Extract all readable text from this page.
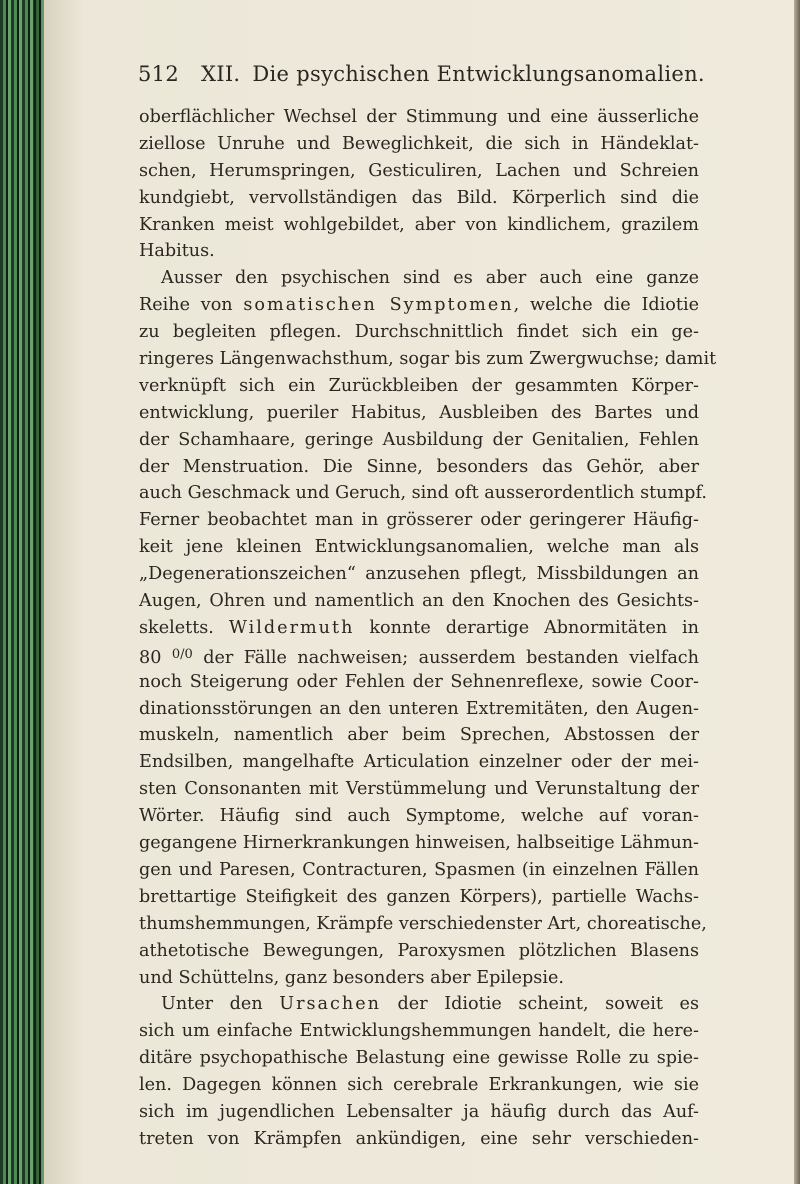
512 XII. Die psychischen Entwicklungsanomalien.
oberflächlicher Wechsel der Stimmung und eine äusserliche
ziellose Unruhe und Beweglichkeit, die sich in Händeklat-
schen, Herumspringen, Gesticuliren, Lachen und Schreien
kundgiebt, vervollständigen das Bild. Körperlich sind die
Kranken meist wohlgebildet, aber von kindlichem, grazilem
Habitus.
Ausser den psychischen sind es aber auch eine ganze
Reihe von somatischen Symptomen, welche die Idiotie
zu begleiten pflegen. Durchschnittlich findet sich ein ge-
ringeres Längenwachsthum, sogar bis zum Zwergwuchse; damit
verknüpft sich ein Zurückbleiben der gesammten Körper-
entwicklung, pueriler Habitus, Ausbleiben des Bartes und
der Schamhaare, geringe Ausbildung der Genitalien, Fehlen
der Menstruation. Die Sinne, besonders das Gehör, aber
auch Geschmack und Geruch, sind oft ausserordentlich stumpf.
Ferner beobachtet man in grösserer oder geringerer Häufig-
keit jene kleinen Entwicklungsanomalien, welche man als
„Degenerationszeichen“ anzusehen pflegt, Missbildungen an
Augen, Ohren und namentlich an den Knochen des Gesichts-
skeletts. Wildermuth konnte derartige Abnormitäten in
80 $^{0/0}$ der Fälle nachweisen; ausserdem bestanden vielfach
noch Steigerung oder Fehlen der Sehnenreflexe, sowie Coor-
dinationsstörungen an den unteren Extremitäten, den Augen-
muskeln, namentlich aber beim Sprechen, Abstossen der
Endsilben, mangelhafte Articulation einzelner oder der mei-
sten Consonanten mit Verstümmelung und Verunstaltung der
Wörter. Häufig sind auch Symptome, welche auf voran-
gegangene Hirnerkrankungen hinweisen, halbseitige Lähmun-
gen und Paresen, Contracturen, Spasmen (in einzelnen Fällen
brettartige Steifigkeit des ganzen Körpers), partielle Wachs-
thumshemmungen, Krämpfe verschiedenster Art, choreatische,
athetotische Bewegungen, Paroxysmen plötzlichen Blasens
und Schüttelns, ganz besonders aber Epilepsie.
Unter den Ursachen der Idiotie scheint, soweit es
sich um einfache Entwicklungshemmungen handelt, die here-
ditäre psychopathische Belastung eine gewisse Rolle zu spie-
len. Dagegen können sich cerebrale Erkrankungen, wie sie
sich im jugendlichen Lebensalter ja häufig durch das Auf-
treten von Krämpfen ankündigen, eine sehr verschieden-
